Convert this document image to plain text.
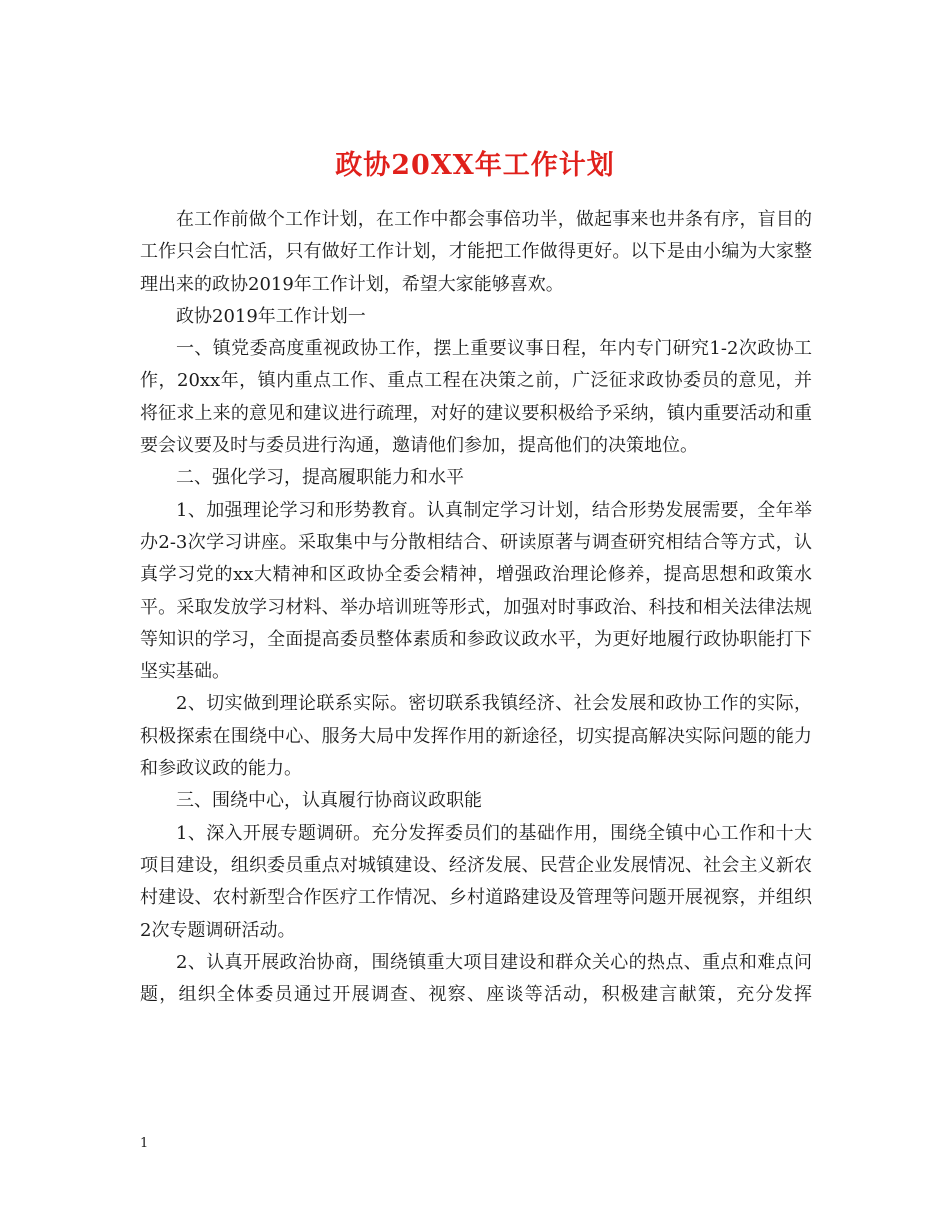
政协20XX年工作计划

在工作前做个工作计划，在工作中都会事倍功半，做起事来也井条有序，盲目的工作只会白忙活，只有做好工作计划，才能把工作做得更好。以下是由小编为大家整理出来的政协2019年工作计划，希望大家能够喜欢。

政协2019年工作计划一

一、镇党委高度重视政协工作，摆上重要议事日程，年内专门研究1-2次政协工作，20xx年，镇内重点工作、重点工程在决策之前，广泛征求政协委员的意见，并将征求上来的意见和建议进行疏理，对好的建议要积极给予采纳，镇内重要活动和重要会议要及时与委员进行沟通，邀请他们参加，提高他们的决策地位。

二、强化学习，提高履职能力和水平

1、加强理论学习和形势教育。认真制定学习计划，结合形势发展需要，全年举办2-3次学习讲座。采取集中与分散相结合、研读原著与调查研究相结合等方式，认真学习党的xx大精神和区政协全委会精神，增强政治理论修养，提高思想和政策水平。采取发放学习材料、举办培训班等形式，加强对时事政治、科技和相关法律法规等知识的学习，全面提高委员整体素质和参政议政水平，为更好地履行政协职能打下坚实基础。

2、切实做到理论联系实际。密切联系我镇经济、社会发展和政协工作的实际，积极探索在围绕中心、服务大局中发挥作用的新途径，切实提高解决实际问题的能力和参政议政的能力。

三、围绕中心，认真履行协商议政职能

1、深入开展专题调研。充分发挥委员们的基础作用，围绕全镇中心工作和十大项目建设，组织委员重点对城镇建设、经济发展、民营企业发展情况、社会主义新农村建设、农村新型合作医疗工作情况、乡村道路建设及管理等问题开展视察，并组织2次专题调研活动。

2、认真开展政治协商，围绕镇重大项目建设和群众关心的热点、重点和难点问题，组织全体委员通过开展调查、视察、座谈等活动，积极建言献策，充分发挥

1
